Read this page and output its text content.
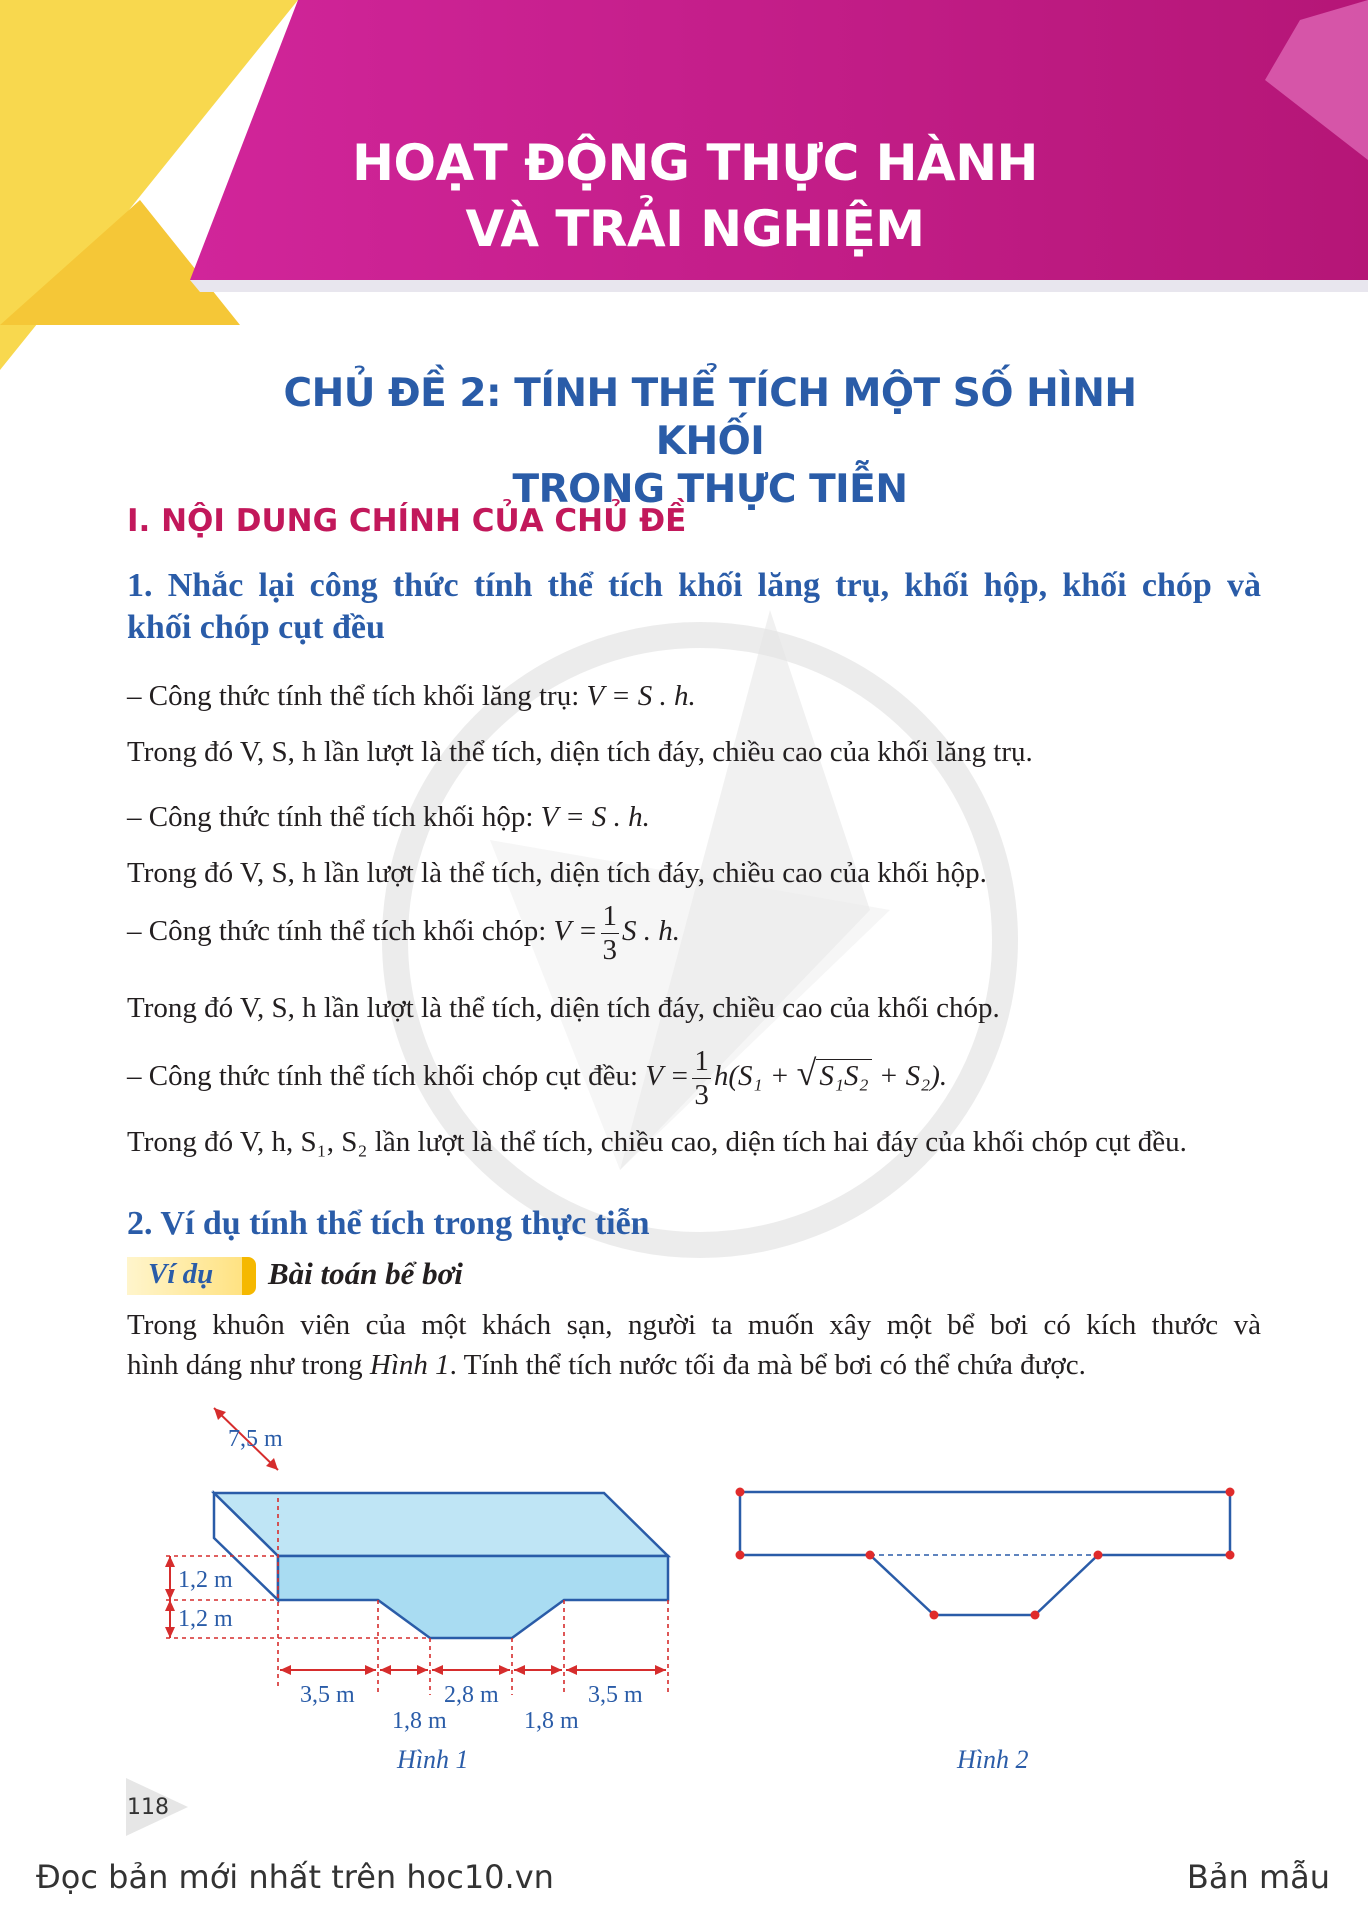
HOẠT ĐỘNG THỰC HÀNH
VÀ TRẢI NGHIỆM
CHỦ ĐỀ 2: TÍNH THỂ TÍCH MỘT SỐ HÌNH KHỐI
TRONG THỰC TIỄN
I. NỘI DUNG CHÍNH CỦA CHỦ ĐỀ
1. Nhắc lại công thức tính thể tích khối lăng trụ, khối hộp, khối chóp và
khối chóp cụt đều
– Công thức tính thể tích khối lăng trụ: V = S . h.
Trong đó V, S, h lần lượt là thể tích, diện tích đáy, chiều cao của khối lăng trụ.
– Công thức tính thể tích khối hộp: V = S . h.
Trong đó V, S, h lần lượt là thể tích, diện tích đáy, chiều cao của khối hộp.
– Công thức tính thể tích khối chóp: $V = \frac{1}{3}$ S . h.
Trong đó V, S, h lần lượt là thể tích, diện tích đáy, chiều cao của khối chóp.
– Công thức tính thể tích khối chóp cụt đều: $V = \frac{1}{3} h(S_1$ + √ S₁S₂ + S₂).
Trong đó V, h, S₁, S₂ lần lượt là thể tích, chiều cao, diện tích hai đáy của khối chóp cụt đều.
2. Ví dụ tính thể tích trong thực tiễn
Ví dụ Bài toán bể bơi
Trong khuôn viên của một khách sạn, người ta muốn xây một bể bơi có kích thước và
hình dáng như trong Hình 1. Tính thể tích nước tối đa mà bể bơi có thể chứa được.
7,5 m
1,2 m
1,2 m
3,5 m	2,8 m	3,5 m
1,8 m	1,8 m
Hình 1	Hình 2
118
Đọc bản mới nhất trên hoc10.vn	Bản mẫu
